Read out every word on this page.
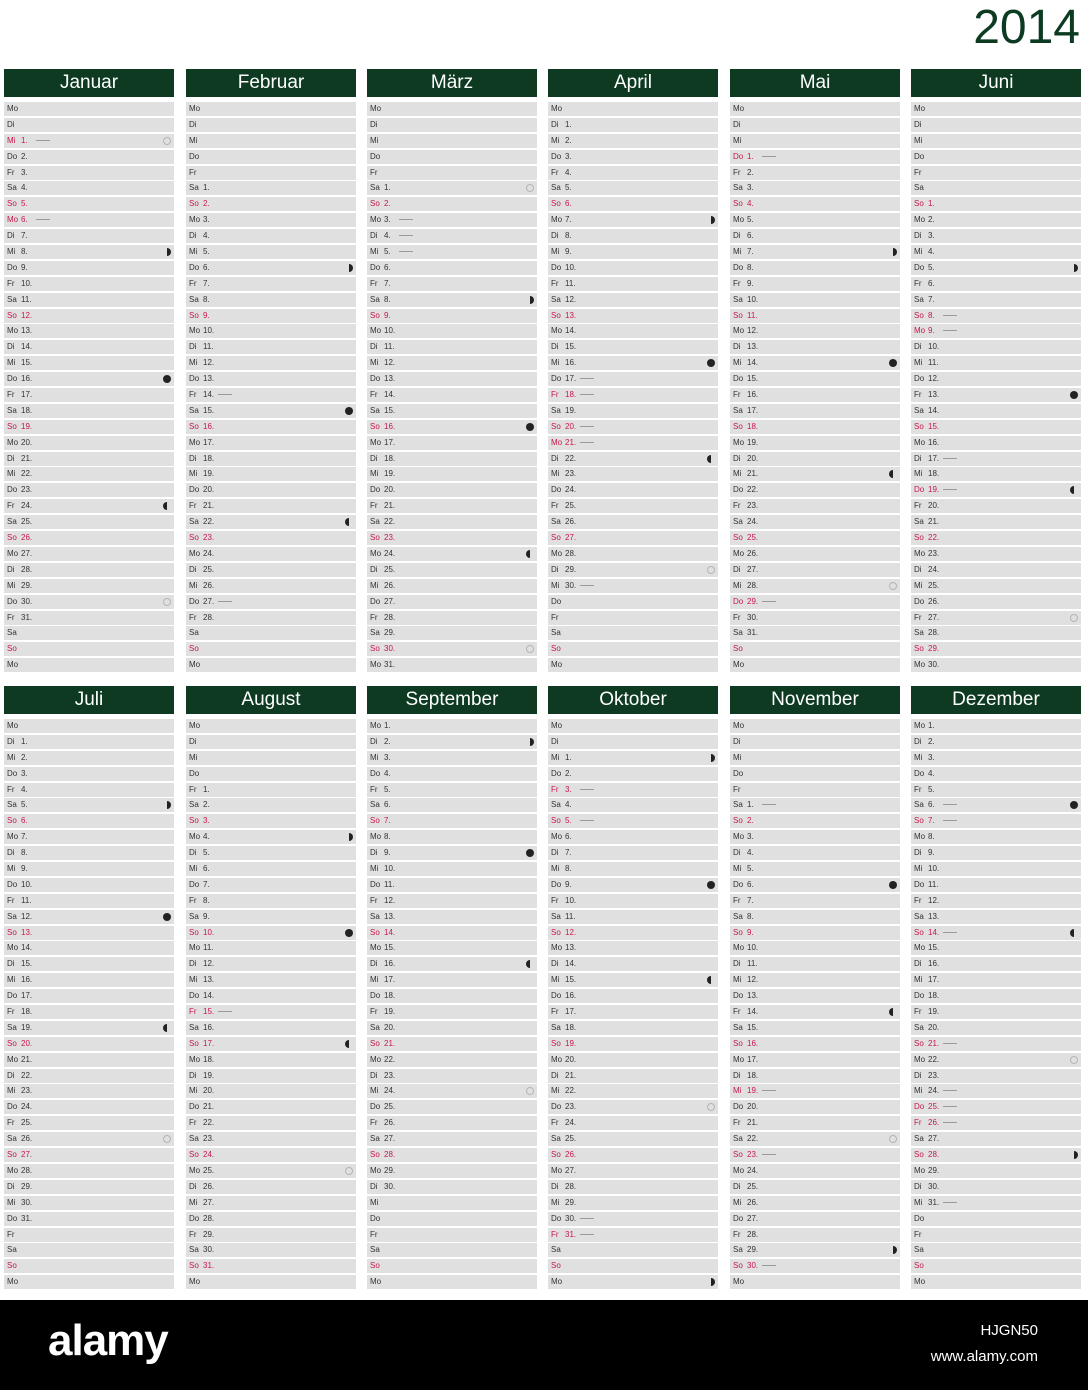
2014
Januar
Mo
Di
Mi 1.
Do 2.
Fr 3.
Sa 4.
So 5.
Mo 6.
Di 7.
Mi 8.
Do 9.
Fr 10.
Sa 11.
So 12.
Mo 13.
Di 14.
Mi 15.
Do 16.
Fr 17.
Sa 18.
So 19.
Mo 20.
Di 21.
Mi 22.
Do 23.
Fr 24.
Sa 25.
So 26.
Mo 27.
Di 28.
Mi 29.
Do 30.
Fr 31.
Sa
So
Mo
Februar
Mo
Di
Mi
Do
Fr
Sa 1.
So 2.
Mo 3.
Di 4.
Mi 5.
Do 6.
Fr 7.
Sa 8.
So 9.
Mo 10.
Di 11.
Mi 12.
Do 13.
Fr 14.
Sa 15.
So 16.
Mo 17.
Di 18.
Mi 19.
Do 20.
Fr 21.
Sa 22.
So 23.
Mo 24.
Di 25.
Mi 26.
Do 27.
Fr 28.
Sa
So
Mo
März
Mo
Di
Mi
Do
Fr
Sa 1.
So 2.
Mo 3.
Di 4.
Mi 5.
Do 6.
Fr 7.
Sa 8.
So 9.
Mo 10.
Di 11.
Mi 12.
Do 13.
Fr 14.
Sa 15.
So 16.
Mo 17.
Di 18.
Mi 19.
Do 20.
Fr 21.
Sa 22.
So 23.
Mo 24.
Di 25.
Mi 26.
Do 27.
Fr 28.
Sa 29.
So 30.
Mo 31.
April
Mo
Di 1.
Mi 2.
Do 3.
Fr 4.
Sa 5.
So 6.
Mo 7.
Di 8.
Mi 9.
Do 10.
Fr 11.
Sa 12.
So 13.
Mo 14.
Di 15.
Mi 16.
Do 17.
Fr 18.
Sa 19.
So 20.
Mo 21.
Di 22.
Mi 23.
Do 24.
Fr 25.
Sa 26.
So 27.
Mo 28.
Di 29.
Mi 30.
Do
Fr
Sa
So
Mo
Mai
Mo
Di
Mi
Do 1.
Fr 2.
Sa 3.
So 4.
Mo 5.
Di 6.
Mi 7.
Do 8.
Fr 9.
Sa 10.
So 11.
Mo 12.
Di 13.
Mi 14.
Do 15.
Fr 16.
Sa 17.
So 18.
Mo 19.
Di 20.
Mi 21.
Do 22.
Fr 23.
Sa 24.
So 25.
Mo 26.
Di 27.
Mi 28.
Do 29.
Fr 30.
Sa 31.
So
Mo
Juni
Mo
Di
Mi
Do
Fr
Sa
So 1.
Mo 2.
Di 3.
Mi 4.
Do 5.
Fr 6.
Sa 7.
So 8.
Mo 9.
Di 10.
Mi 11.
Do 12.
Fr 13.
Sa 14.
So 15.
Mo 16.
Di 17.
Mi 18.
Do 19.
Fr 20.
Sa 21.
So 22.
Mo 23.
Di 24.
Mi 25.
Do 26.
Fr 27.
Sa 28.
So 29.
Mo 30.
Juli
Mo
Di 1.
Mi 2.
Do 3.
Fr 4.
Sa 5.
So 6.
Mo 7.
Di 8.
Mi 9.
Do 10.
Fr 11.
Sa 12.
So 13.
Mo 14.
Di 15.
Mi 16.
Do 17.
Fr 18.
Sa 19.
So 20.
Mo 21.
Di 22.
Mi 23.
Do 24.
Fr 25.
Sa 26.
So 27.
Mo 28.
Di 29.
Mi 30.
Do 31.
Fr
Sa
So
Mo
August
Mo
Di
Mi
Do
Fr 1.
Sa 2.
So 3.
Mo 4.
Di 5.
Mi 6.
Do 7.
Fr 8.
Sa 9.
So 10.
Mo 11.
Di 12.
Mi 13.
Do 14.
Fr 15.
Sa 16.
So 17.
Mo 18.
Di 19.
Mi 20.
Do 21.
Fr 22.
Sa 23.
So 24.
Mo 25.
Di 26.
Mi 27.
Do 28.
Fr 29.
Sa 30.
So 31.
Mo
September
Mo 1.
Di 2.
Mi 3.
Do 4.
Fr 5.
Sa 6.
So 7.
Mo 8.
Di 9.
Mi 10.
Do 11.
Fr 12.
Sa 13.
So 14.
Mo 15.
Di 16.
Mi 17.
Do 18.
Fr 19.
Sa 20.
So 21.
Mo 22.
Di 23.
Mi 24.
Do 25.
Fr 26.
Sa 27.
So 28.
Mo 29.
Di 30.
Mi
Do
Fr
Sa
So
Mo
Oktober
Mo
Di
Mi 1.
Do 2.
Fr 3.
Sa 4.
So 5.
Mo 6.
Di 7.
Mi 8.
Do 9.
Fr 10.
Sa 11.
So 12.
Mo 13.
Di 14.
Mi 15.
Do 16.
Fr 17.
Sa 18.
So 19.
Mo 20.
Di 21.
Mi 22.
Do 23.
Fr 24.
Sa 25.
So 26.
Mo 27.
Di 28.
Mi 29.
Do 30.
Fr 31.
Sa
So
Mo
November
Mo
Di
Mi
Do
Fr
Sa 1.
So 2.
Mo 3.
Di 4.
Mi 5.
Do 6.
Fr 7.
Sa 8.
So 9.
Mo 10.
Di 11.
Mi 12.
Do 13.
Fr 14.
Sa 15.
So 16.
Mo 17.
Di 18.
Mi 19.
Do 20.
Fr 21.
Sa 22.
So 23.
Mo 24.
Di 25.
Mi 26.
Do 27.
Fr 28.
Sa 29.
So 30.
Mo
Dezember
Mo 1.
Di 2.
Mi 3.
Do 4.
Fr 5.
Sa 6.
So 7.
Mo 8.
Di 9.
Mi 10.
Do 11.
Fr 12.
Sa 13.
So 14.
Mo 15.
Di 16.
Mi 17.
Do 18.
Fr 19.
Sa 20.
So 21.
Mo 22.
Di 23.
Mi 24.
Do 25.
Fr 26.
Sa 27.
So 28.
Mo 29.
Di 30.
Mi 31.
Do
Fr
Sa
So
Mo
alamy	HJGN50
www.alamy.com
